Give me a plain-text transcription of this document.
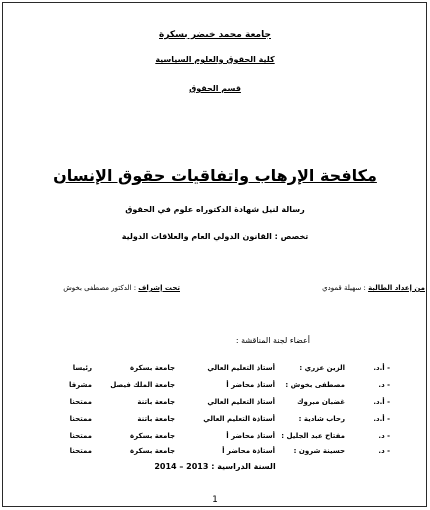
جامعة محمد خيضر بسكرة
كلية الحقوق والعلوم السياسية
قسم الحقوق
مكافحة الإرهاب واتفاقيات حقوق الإنسان
رسالة لنيل شهادة الدكتوراه علوم في الحقوق
تخصص : القانون الدولي العام والعلاقات الدولية
من إعداد الطالبة : سهيلة قمودي
تحت إشراف : الدكتور مصطفى بخوش
أعضاء لجنة المناقشة :
- أ.د.
الزين عزري :
أستاذ التعليم العالي
جامعة بسكرة
رئيسا
- د.
مصطفى بخوش :
أستاذ محاضر أ
جامعة الملك فيصل
مشرفا
- أ.د.
غضبان مبروك
أستاذ التعليم العالي
جامعة باتنة
ممتحنا
- أ.د.
رحاب شادية :
أستاذة التعليم العالي
جامعة باتنة
ممتحنا
- د.
مفتاح عبد الجليل :
أستاذ محاضر أ
جامعة بسكرة
ممتحنا
- د.
حسينة شرون :
أستاذة محاضر أ
جامعة بسكرة
ممتحنا
السنة الدراسية : 2013 – 2014
1
